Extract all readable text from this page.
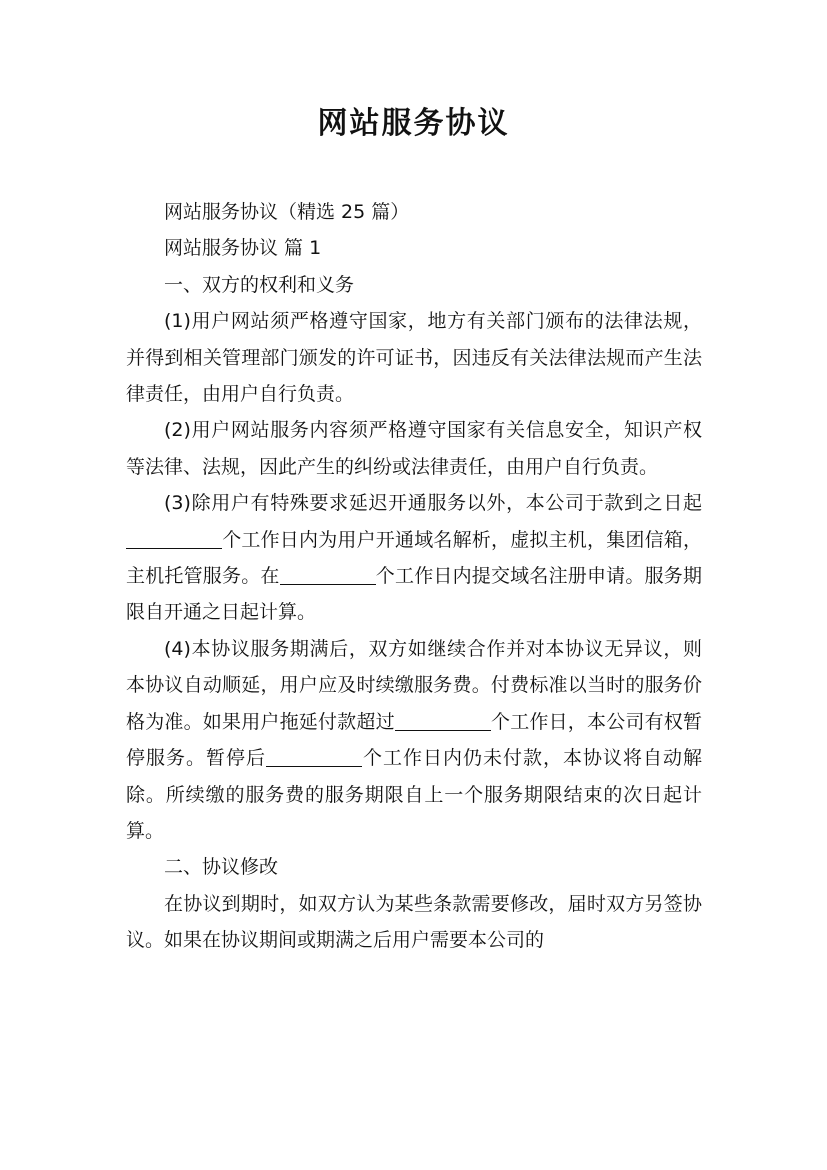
网站服务协议

网站服务协议（精选 25 篇）

网站服务协议 篇 1

一、双方的权利和义务

(1)用户网站须严格遵守国家，地方有关部门颁布的法律法规，并得到相关管理部门颁发的许可证书，因违反有关法律法规而产生法律责任，由用户自行负责。

(2)用户网站服务内容须严格遵守国家有关信息安全，知识产权等法律、法规，因此产生的纠纷或法律责任，由用户自行负责。

(3)除用户有特殊要求延迟开通服务以外，本公司于款到之日起个工作日内为用户开通域名解析，虚拟主机，集团信箱，主机托管服务。在	个工作日内提交域名注册申请。服务期限自开通之日起计算。

(4)本协议服务期满后，双方如继续合作并对本协议无异议，则本协议自动顺延，用户应及时续缴服务费。付费标准以当时的服务价格为准。如果用户拖延付款超过	个工作日，本公司有权暂停服务。暂停后	个工作日内仍未付款，本协议将自动解除。所续缴的服务费的服务期限自上一个服务期限结束的次日起计算。

二、协议修改

在协议到期时，如双方认为某些条款需要修改，届时双方另签协议。如果在协议期间或期满之后用户需要本公司的
